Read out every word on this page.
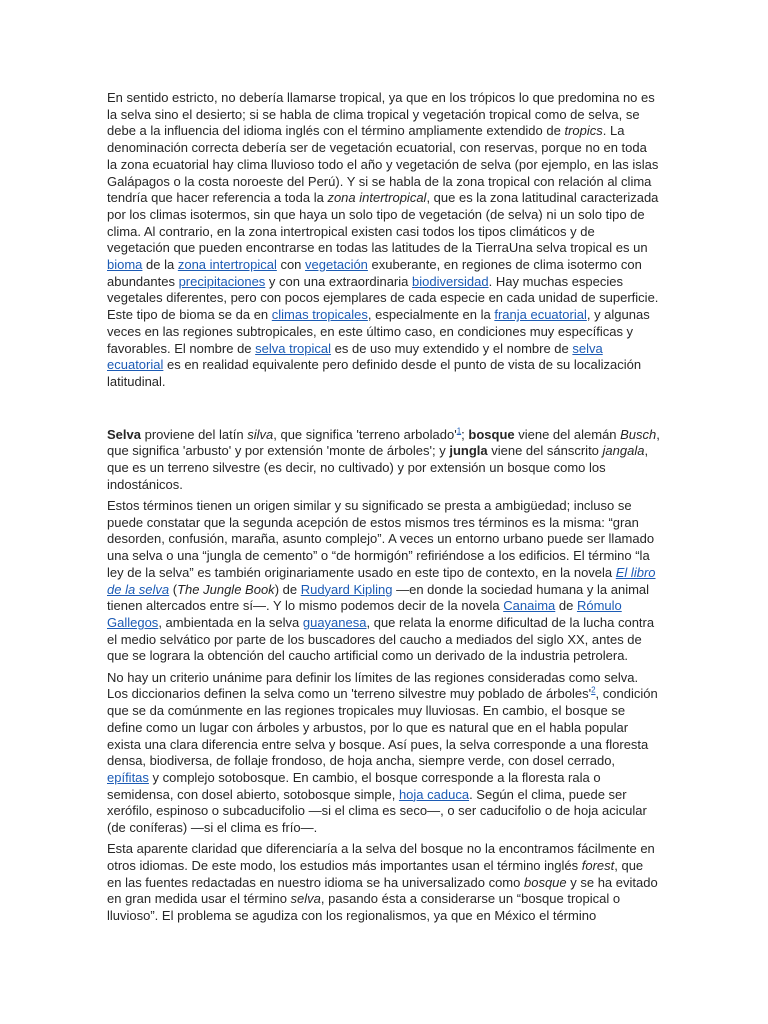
En sentido estricto, no debería llamarse tropical, ya que en los trópicos lo que predomina no es la selva sino el desierto; si se habla de clima tropical y vegetación tropical como de selva, se debe a la influencia del idioma inglés con el término ampliamente extendido de tropics. La denominación correcta debería ser de vegetación ecuatorial, con reservas, porque no en toda la zona ecuatorial hay clima lluvioso todo el año y vegetación de selva (por ejemplo, en las islas Galápagos o la costa noroeste del Perú). Y si se habla de la zona tropical con relación al clima tendría que hacer referencia a toda la zona intertropical, que es la zona latitudinal caracterizada por los climas isotermos, sin que haya un solo tipo de vegetación (de selva) ni un solo tipo de clima. Al contrario, en la zona intertropical existen casi todos los tipos climáticos y de vegetación que pueden encontrarse en todas las latitudes de la TierraUna selva tropical es un bioma de la zona intertropical con vegetación exuberante, en regiones de clima isotermo con abundantes precipitaciones y con una extraordinaria biodiversidad. Hay muchas especies vegetales diferentes, pero con pocos ejemplares de cada especie en cada unidad de superficie. Este tipo de bioma se da en climas tropicales, especialmente en la franja ecuatorial, y algunas veces en las regiones subtropicales, en este último caso, en condiciones muy específicas y favorables. El nombre de selva tropical es de uso muy extendido y el nombre de selva ecuatorial es en realidad equivalente pero definido desde el punto de vista de su localización latitudinal.

Selva proviene del latín silva, que significa 'terreno arbolado'$^1$; bosque viene del alemán Busch, que significa 'arbusto' y por extensión 'monte de árboles'; y jungla viene del sánscrito jangala, que es un terreno silvestre (es decir, no cultivado) y por extensión un bosque como los indostánicos.

Estos términos tienen un origen similar y su significado se presta a ambigüedad; incluso se puede constatar que la segunda acepción de estos mismos tres términos es la misma: “gran desorden, confusión, maraña, asunto complejo”. A veces un entorno urbano puede ser llamado una selva o una “jungla de cemento” o “de hormigón” refiriéndose a los edificios. El término “la ley de la selva” es también originariamente usado en este tipo de contexto, en la novela El libro de la selva (The Jungle Book) de Rudyard Kipling —en donde la sociedad humana y la animal tienen altercados entre sí—. Y lo mismo podemos decir de la novela Canaima de Rómulo Gallegos, ambientada en la selva guayanesa, que relata la enorme dificultad de la lucha contra el medio selvático por parte de los buscadores del caucho a mediados del siglo XX, antes de que se lograra la obtención del caucho artificial como un derivado de la industria petrolera.

No hay un criterio unánime para definir los límites de las regiones consideradas como selva. Los diccionarios definen la selva como un 'terreno silvestre muy poblado de árboles'$^2$, condición que se da comúnmente en las regiones tropicales muy lluviosas. En cambio, el bosque se define como un lugar con árboles y arbustos, por lo que es natural que en el habla popular exista una clara diferencia entre selva y bosque. Así pues, la selva corresponde a una floresta densa, biodiversa, de follaje frondoso, de hoja ancha, siempre verde, con dosel cerrado, epífitas y complejo sotobosque. En cambio, el bosque corresponde a la floresta rala o semidensa, con dosel abierto, sotobosque simple, hoja caduca. Según el clima, puede ser xerófilo, espinoso o subcaducifolio —si el clima es seco—, o ser caducifolio o de hoja acicular (de coníferas) —si el clima es frío—.

Esta aparente claridad que diferenciaría a la selva del bosque no la encontramos fácilmente en otros idiomas. De este modo, los estudios más importantes usan el término inglés forest, que en las fuentes redactadas en nuestro idioma se ha universalizado como bosque y se ha evitado en gran medida usar el término selva, pasando ésta a considerarse un “bosque tropical o lluvioso”. El problema se agudiza con los regionalismos, ya que en México el término
